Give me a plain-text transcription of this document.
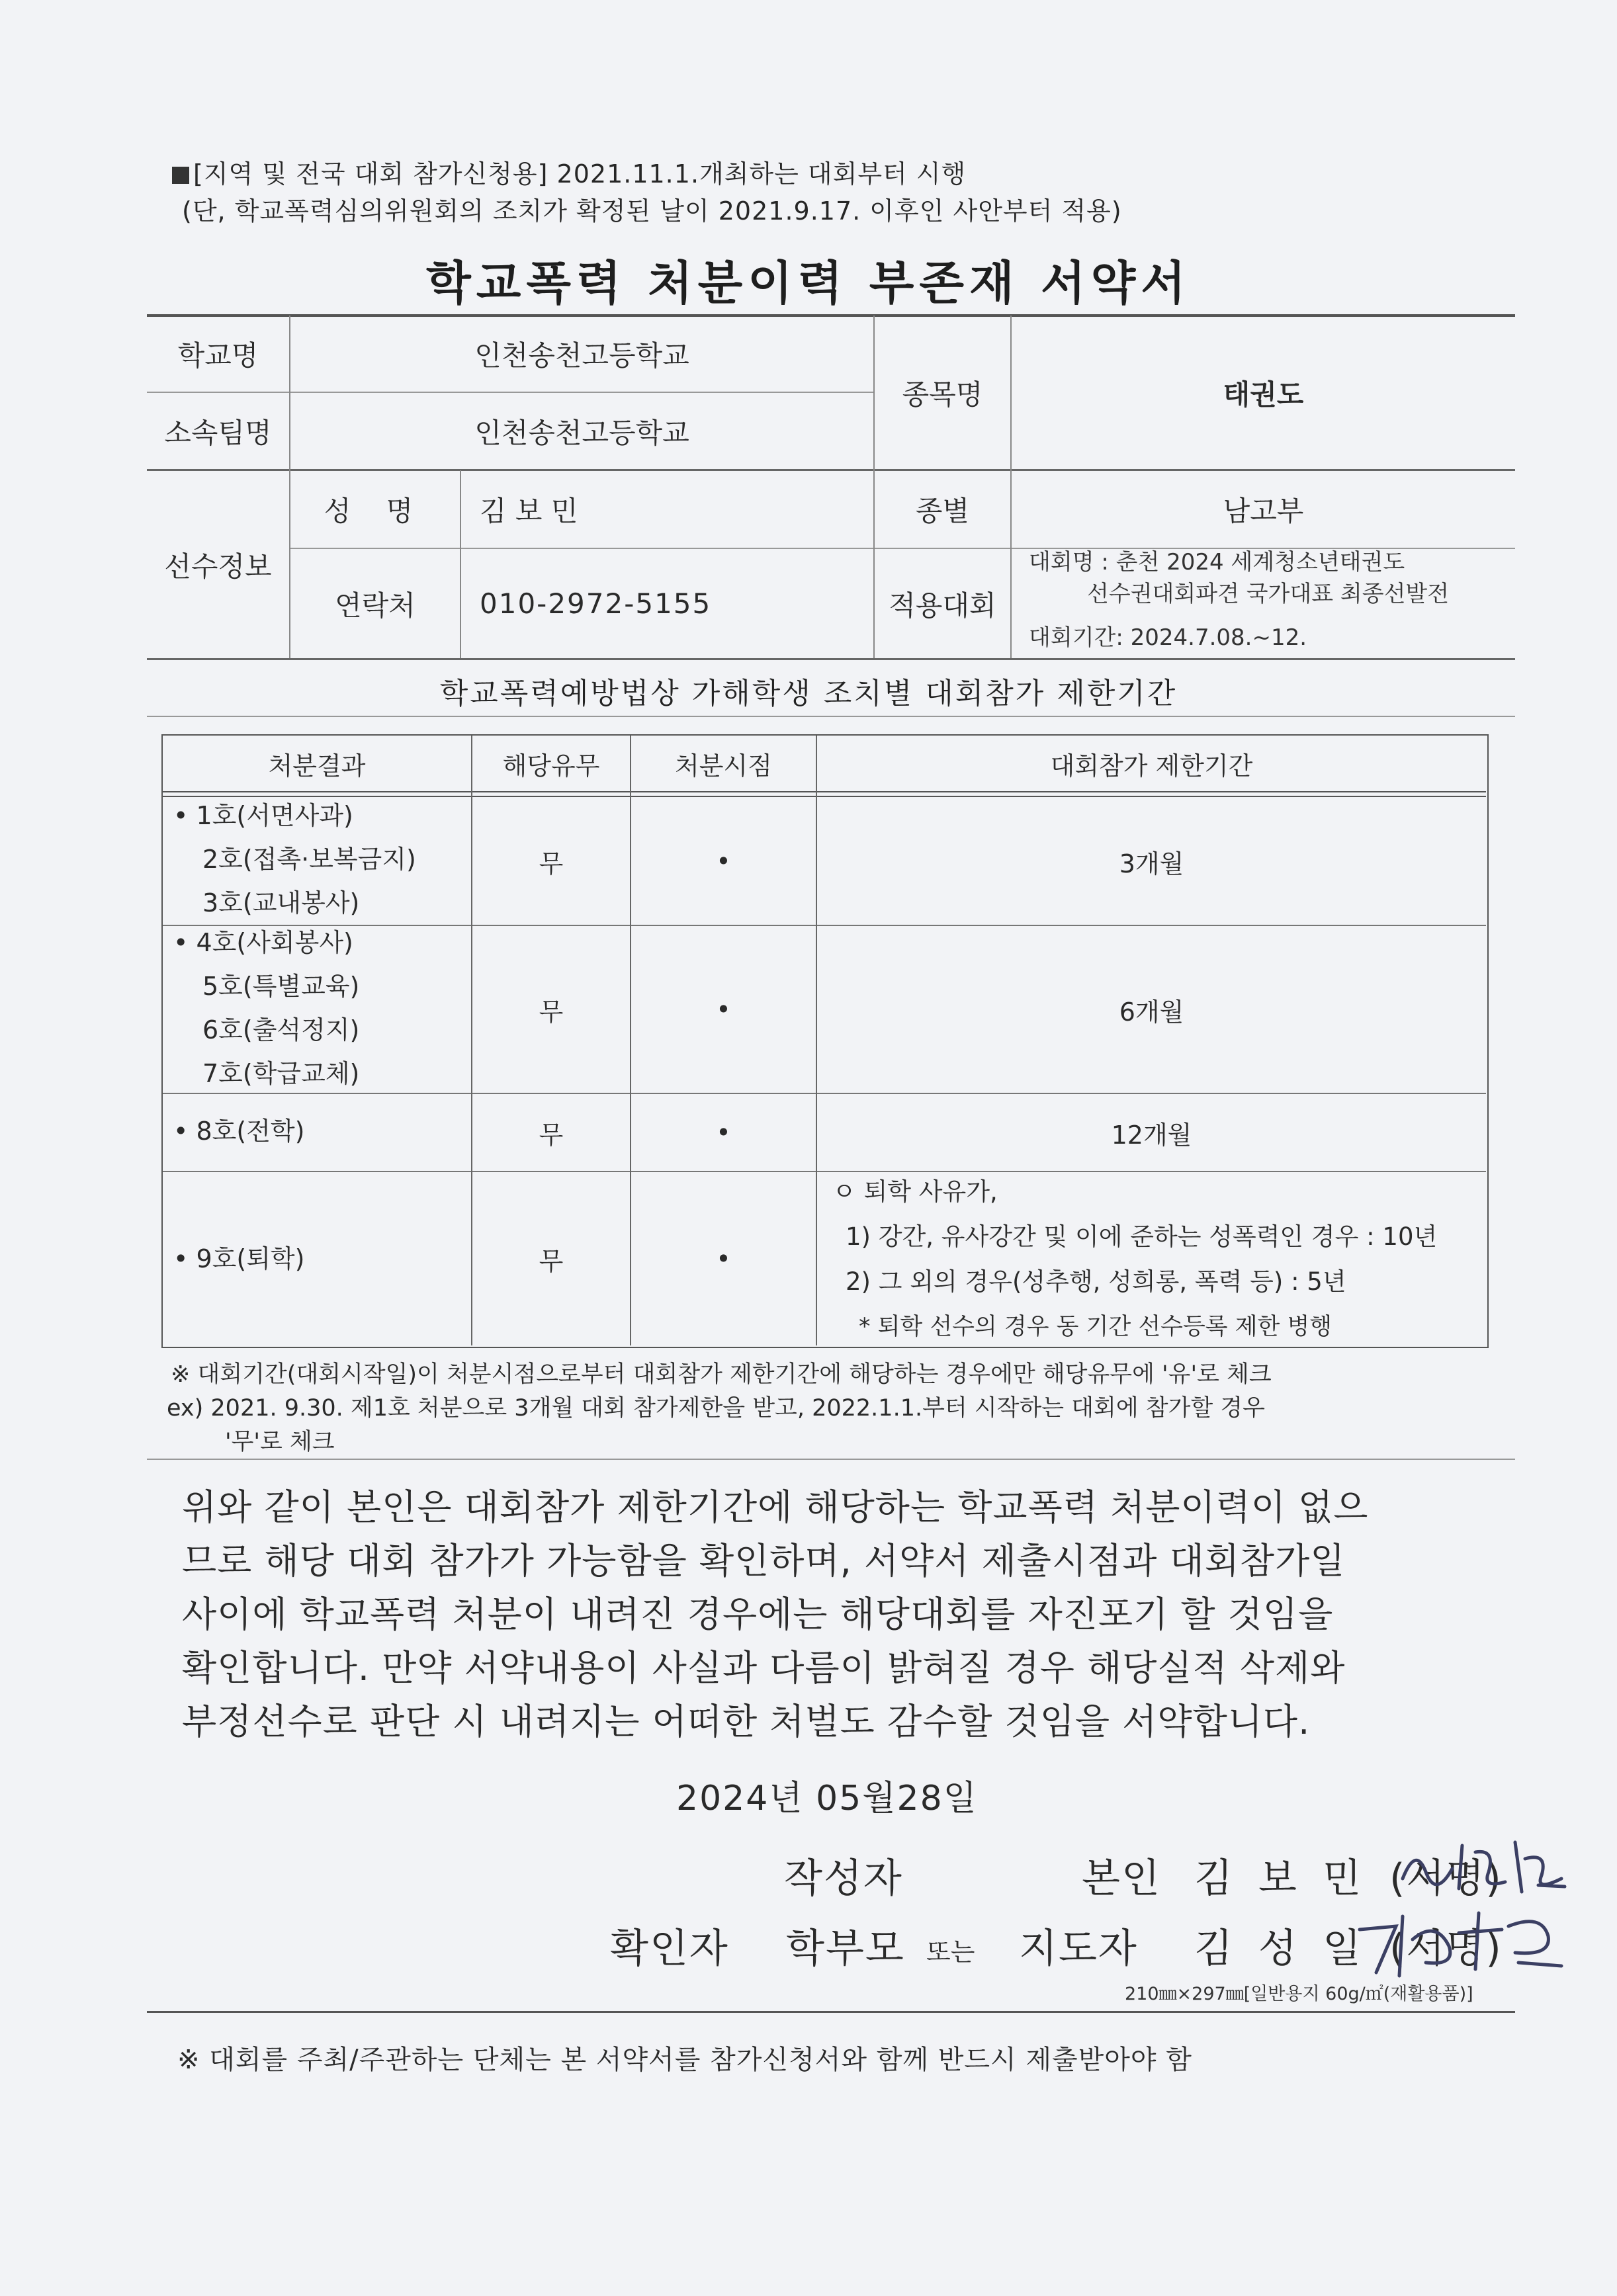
[지역 및 전국 대회 참가신청용] 2021.11.1.개최하는 대회부터 시행
(단, 학교폭력심의위원회의 조치가 확정된 날이 2021.9.17. 이후인 사안부터 적용)
학교폭력 처분이력 부존재 서약서
학교명	인천송천고등학교
소속팀명	인천송천고등학교
종목명	태권도
선수정보
성 명	김 보 민	종별	남고부
연락처	010-2972-5155	적용대회
대회명 : 춘천 2024 세계청소년태권도
선수권대회파견 국가대표 최종선발전
대회기간: 2024.7.08.~12.
학교폭력예방법상 가해학생 조치별 대회참가 제한기간
처분결과	해당유무	처분시점	대회참가 제한기간
• 1호(서면사과)
2호(접촉·보복금지)
3호(교내봉사)
무	•	3개월
• 4호(사회봉사)
5호(특별교육)
6호(출석정지)
7호(학급교체)
무	•	6개월
• 8호(전학)	무	•	12개월
• 9호(퇴학)	무	•
ㅇ 퇴학 사유가,
1) 강간, 유사강간 및 이에 준하는 성폭력인 경우 : 10년
2) 그 외의 경우(성추행, 성희롱, 폭력 등) : 5년
* 퇴학 선수의 경우 동 기간 선수등록 제한 병행
※ 대회기간(대회시작일)이 처분시점으로부터 대회참가 제한기간에 해당하는 경우에만 해당유무에 '유'로 체크
ex) 2021. 9.30. 제1호 처분으로 3개월 대회 참가제한을 받고, 2022.1.1.부터 시작하는 대회에 참가할 경우
'무'로 체크
위와 같이 본인은 대회참가 제한기간에 해당하는 학교폭력 처분이력이 없으
므로 해당 대회 참가가 가능함을 확인하며, 서약서 제출시점과 대회참가일
사이에 학교폭력 처분이 내려진 경우에는 해당대회를 자진포기 할 것임을
확인합니다. 만약 서약내용이 사실과 다름이 밝혀질 경우 해당실적 삭제와
부정선수로 판단 시 내려지는 어떠한 처벌도 감수할 것임을 서약합니다.
2024년 05월28일
작성자	본인 김 보 민 (서명)
확인자 학부모 또는 지도자 김 성 일 (서명)
210㎜×297㎜[일반용지 60g/㎡(재활용품)]
※ 대회를 주최/주관하는 단체는 본 서약서를 참가신청서와 함께 반드시 제출받아야 함
